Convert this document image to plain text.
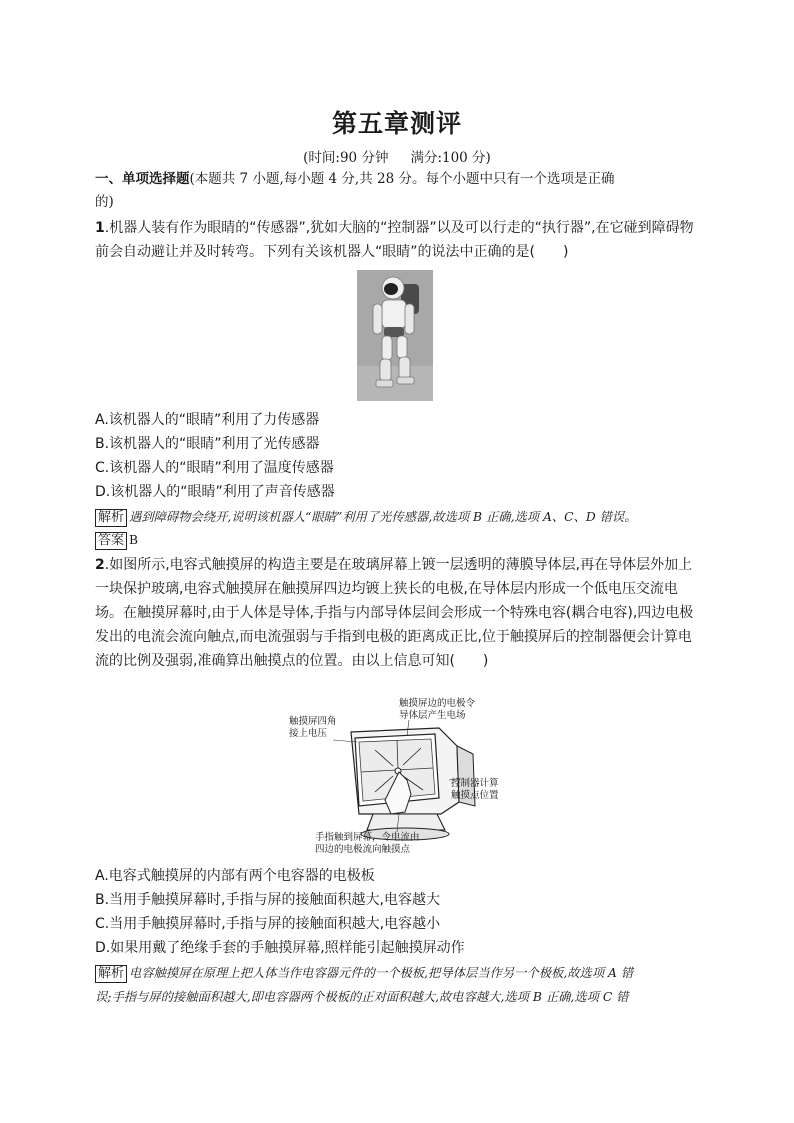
第五章测评
(时间:90 分钟 满分:100 分)
一、单项选择题(本题共 7 小题,每小题 4 分,共 28 分。每个小题中只有一个选项是正确
的)
1.机器人装有作为眼睛的“传感器”,犹如大脑的“控制器”以及可以行走的“执行器”,在它碰到障碍物
前会自动避让并及时转弯。下列有关该机器人“眼睛”的说法中正确的是(　　)
A.该机器人的“眼睛”利用了力传感器
B.该机器人的“眼睛”利用了光传感器
C.该机器人的“眼睛”利用了温度传感器
D.该机器人的“眼睛”利用了声音传感器
解析 遇到障碍物会绕开,说明该机器人“眼睛”利用了光传感器,故选项 B 正确,选项 A、C、D 错误。
答案 B
2.如图所示,电容式触摸屏的构造主要是在玻璃屏幕上镀一层透明的薄膜导体层,再在导体层外加上
一块保护玻璃,电容式触摸屏在触摸屏四边均镀上狭长的电极,在导体层内形成一个低电压交流电
场。在触摸屏幕时,由于人体是导体,手指与内部导体层间会形成一个特殊电容(耦合电容),四边电极
发出的电流会流向触点,而电流强弱与手指到电极的距离成正比,位于触摸屏后的控制器便会计算电
流的比例及强弱,准确算出触摸点的位置。由以上信息可知(　　)
触摸屏四角
接上电压
触摸屏边的电极令
导体层产生电场
控制器计算
触摸点位置
手指触到屏幕，令电流由
四边的电极流向触摸点
A.电容式触摸屏的内部有两个电容器的电极板
B.当用手触摸屏幕时,手指与屏的接触面积越大,电容越大
C.当用手触摸屏幕时,手指与屏的接触面积越大,电容越小
D.如果用戴了绝缘手套的手触摸屏幕,照样能引起触摸屏动作
解析 电容触摸屏在原理上把人体当作电容器元件的一个极板,把导体层当作另一个极板,故选项 A 错
误;手指与屏的接触面积越大,即电容器两个极板的正对面积越大,故电容越大,选项 B 正确,选项 C 错
